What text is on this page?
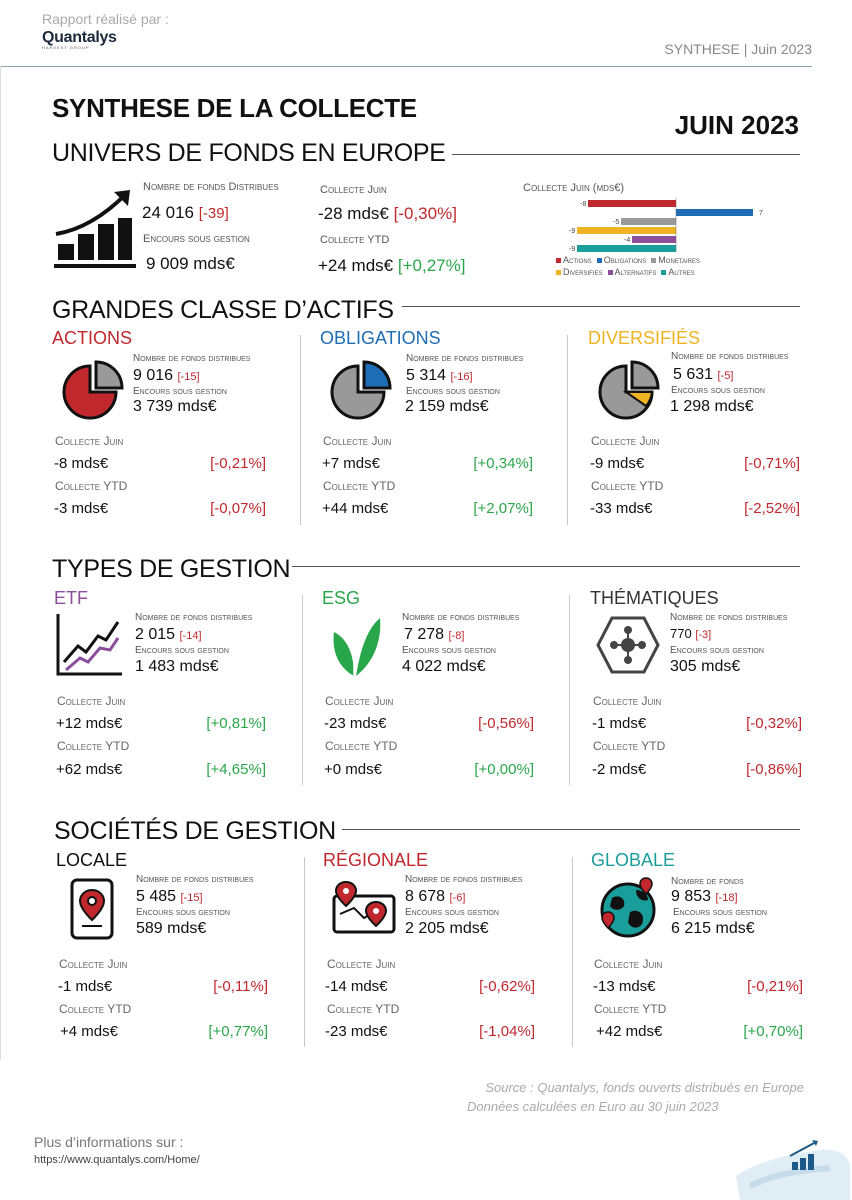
Rapport réalisé par :
Quantalys
HARVEST GROUP	SYNTHESE | Juin 2023
SYNTHESE DE LA COLLECTE
JUIN 2023
UNIVERS DE FONDS EN EUROPE
Nombre de fonds Distribues
24 016 [-39]
Encours sous gestion
9 009 mds€
Collecte Juin
-28 mds€ [-0,30%]
Collecte YTD
+24 mds€ [+0,27%]
Collecte Juin (mds€)
-8
7
-5
-9
-4
-9
Actions Obligations Monetaires
Diversifies Alternatifs Autres
GRANDES CLASSE D’ACTIFS
ACTIONS
Nombre de fonds distribues
9 016 [-15]
Encours sous gestion
3 739 mds€
Collecte Juin
-8 mds€	[-0,21%]
Collecte YTD
-3 mds€	[-0,07%]
OBLIGATIONS
Nombre de fonds distribues
5 314 [-16]
Encours sous gestion
2 159 mds€
Collecte Juin
+7 mds€	[+0,34%]
Collecte YTD
+44 mds€	[+2,07%]
DIVERSIFIÉS
Nombre de fonds distribues
5 631 [-5]
Encours sous gestion
1 298 mds€
Collecte Juin
-9 mds€	[-0,71%]
Collecte YTD
-33 mds€	[-2,52%]
TYPES DE GESTION
ETF
Nombre de fonds distribues
2 015 [-14]
Encours sous gestion
1 483 mds€
Collecte Juin
+12 mds€	[+0,81%]
Collecte YTD
+62 mds€	[+4,65%]
ESG
Nombre de fonds distribues
7 278 [-8]
Encours sous gestion
4 022 mds€
Collecte Juin
-23 mds€	[-0,56%]
Collecte YTD
+0 mds€	[+0,00%]
THÉMATIQUES
Nombre de fonds distribues
770 [-3]
Encours sous gestion
305 mds€
Collecte Juin
-1 mds€	[-0,32%]
Collecte YTD
-2 mds€	[-0,86%]
SOCIÉTÉS DE GESTION
LOCALE
Nombre de fonds distribues
5 485 [-15]
Encours sous gestion
589 mds€
Collecte Juin
-1 mds€	[-0,11%]
Collecte YTD
+4 mds€	[+0,77%]
RÉGIONALE
Nombre de fonds distribues
8 678 [-6]
Encours sous gestion
2 205 mds€
Collecte Juin
-14 mds€	[-0,62%]
Collecte YTD
-23 mds€	[-1,04%]
GLOBALE
Nombre de fonds
9 853 [-18]
Encours sous gestion
6 215 mds€
Collecte Juin
-13 mds€	[-0,21%]
Collecte YTD
+42 mds€	[+0,70%]
Source : Quantalys, fonds ouverts distribués en Europe
Données calculées en Euro au 30 juin 2023
Plus d’informations sur :
https://www.quantalys.com/Home/
